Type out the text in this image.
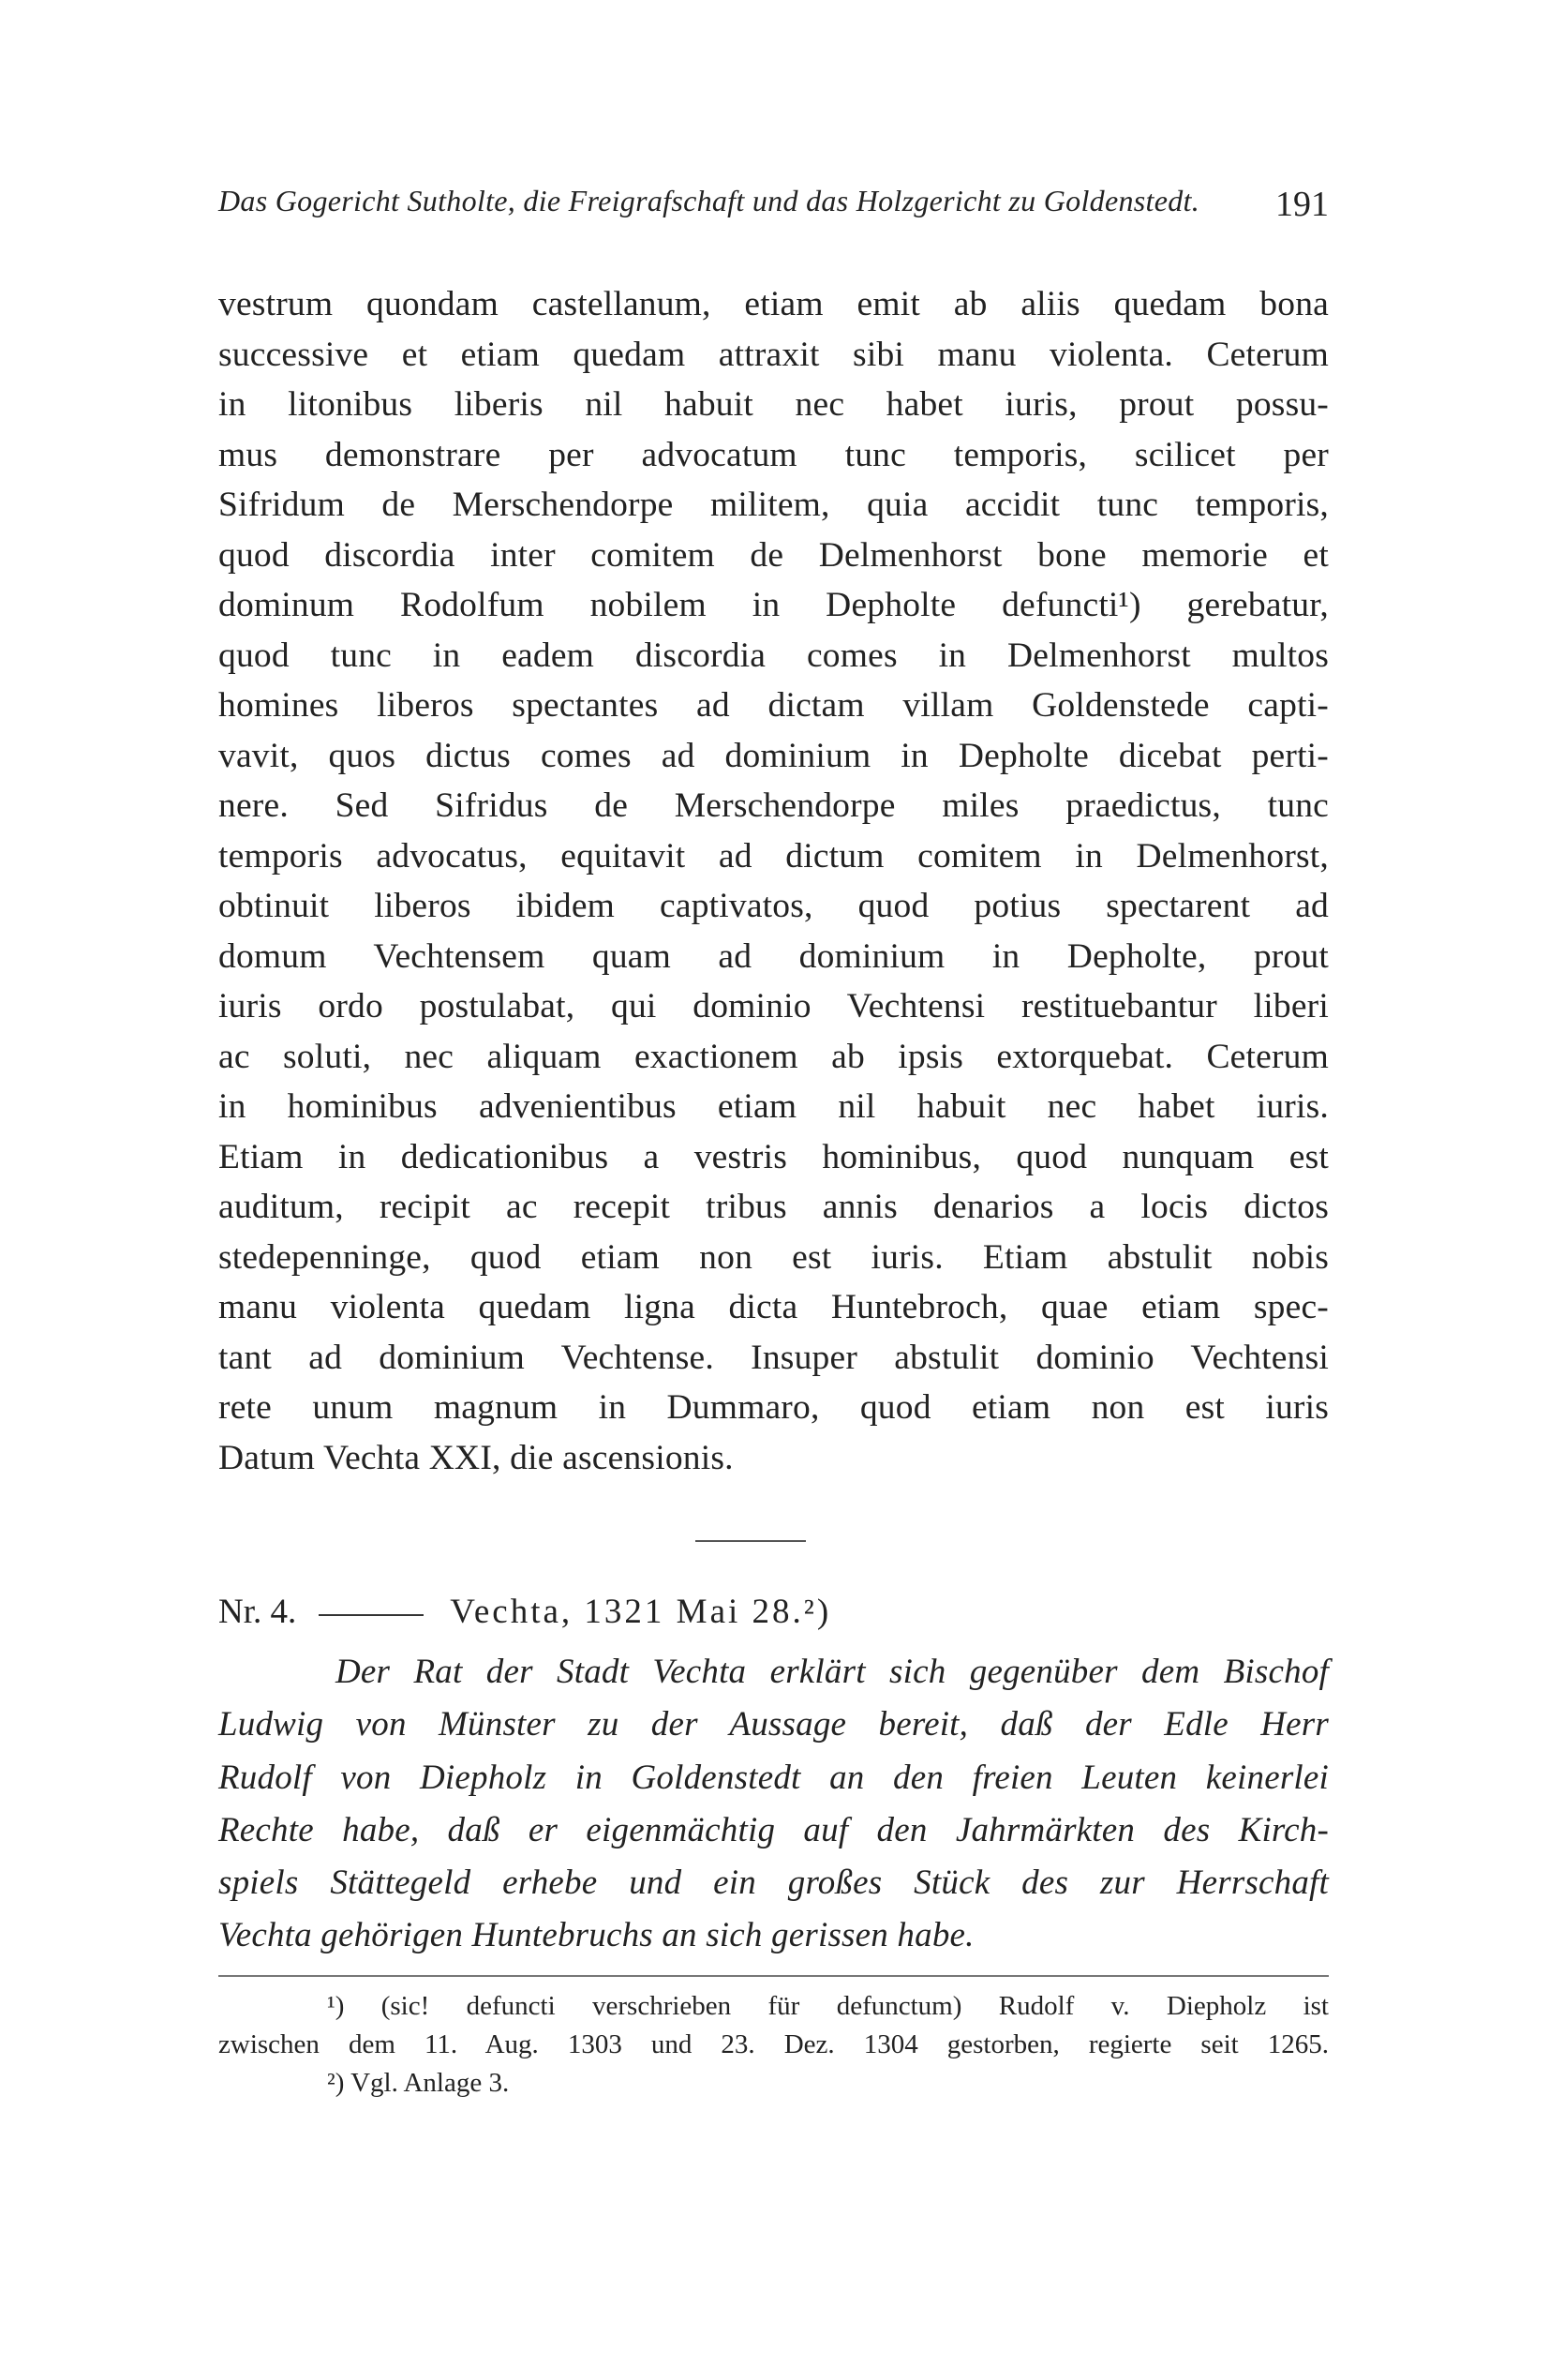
Das Gogericht Sutholte, die Freigrafschaft und das Holzgericht zu Goldenstedt. 191
vestrum quondam castellanum, etiam emit ab aliis quedam bona
successive et etiam quedam attraxit sibi manu violenta. Ceterum
in litonibus liberis nil habuit nec habet iuris, prout possu-
mus demonstrare per advocatum tunc temporis, scilicet per
Sifridum de Merschendorpe militem, quia accidit tunc temporis,
quod discordia inter comitem de Delmenhorst bone memorie et
dominum Rodolfum nobilem in Depholte defuncti¹) gerebatur,
quod tunc in eadem discordia comes in Delmenhorst multos
homines liberos spectantes ad dictam villam Goldenstede capti-
vavit, quos dictus comes ad dominium in Depholte dicebat perti-
nere. Sed Sifridus de Merschendorpe miles praedictus, tunc
temporis advocatus, equitavit ad dictum comitem in Delmenhorst,
obtinuit liberos ibidem captivatos, quod potius spectarent ad
domum Vechtensem quam ad dominium in Depholte, prout
iuris ordo postulabat, qui dominio Vechtensi restituebantur liberi
ac soluti, nec aliquam exactionem ab ipsis extorquebat. Ceterum
in hominibus advenientibus etiam nil habuit nec habet iuris.
Etiam in dedicationibus a vestris hominibus, quod nunquam est
auditum, recipit ac recepit tribus annis denarios a locis dictos
stedepenninge, quod etiam non est iuris. Etiam abstulit nobis
manu violenta quedam ligna dicta Huntebroch, quae etiam spec-
tant ad dominium Vechtense. Insuper abstulit dominio Vechtensi
rete unum magnum in Dummaro, quod etiam non est iuris
Datum Vechta XXI, die ascensionis.
Nr. 4.	Vechta, 1321 Mai 28.²)
Der Rat der Stadt Vechta erklärt sich gegenüber dem Bischof
Ludwig von Münster zu der Aussage bereit, daß der Edle Herr
Rudolf von Diepholz in Goldenstedt an den freien Leuten keinerlei
Rechte habe, daß er eigenmächtig auf den Jahrmärkten des Kirch-
spiels Stättegeld erhebe und ein großes Stück des zur Herrschaft
Vechta gehörigen Huntebruchs an sich gerissen habe.
¹) (sic! defuncti verschrieben für defunctum) Rudolf v. Diepholz ist
zwischen dem 11. Aug. 1303 und 23. Dez. 1304 gestorben, regierte seit 1265.
²) Vgl. Anlage 3.
